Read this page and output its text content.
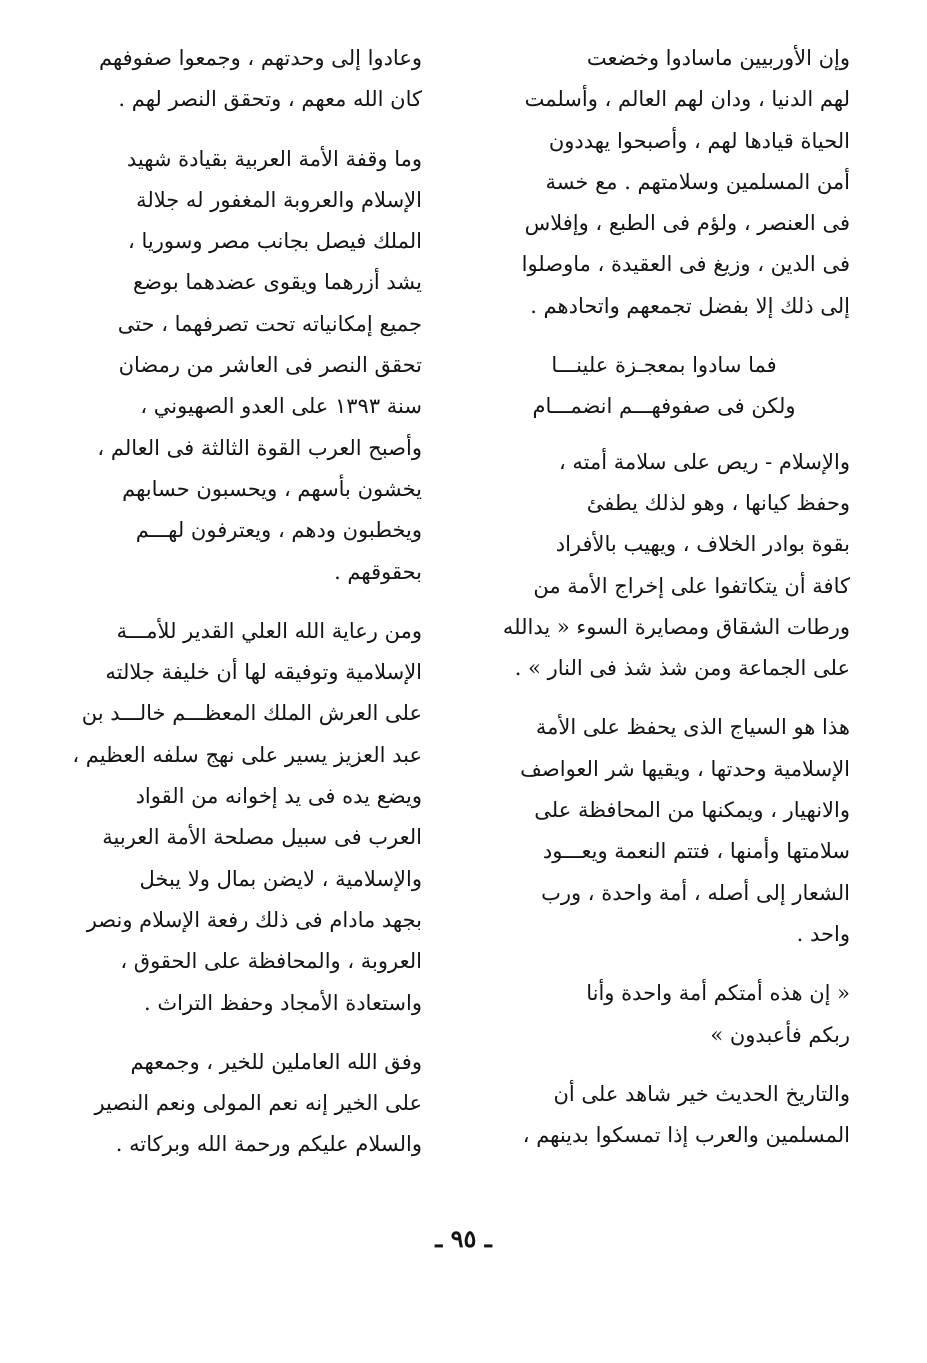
وإن الأوربيين ماسادوا وخضعت
لهم الدنيا ، ودان لهم العالم ، وأسلمت
الحياة قيادها لهم ، وأصبحوا يهددون
أمن المسلمين وسلامتهم . مع خسة
فى العنصر ، ولؤم فى الطبع ، وإفلاس
فى الدين ، وزيغ فى العقيدة ، ماوصلوا
إلى ذلك إلا بفضل تجمعهم واتحادهم .

فما سادوا بمعجـزة علينـــا
ولكن فى صفوفهـــم انضمـــام

والإسلام - ريص على سلامة أمته ،
وحفظ كيانها ، وهو لذلك يطفئ
بقوة بوادر الخلاف ، ويهيب بالأفراد
كافة أن يتكاتفوا على إخراج الأمة من
ورطات الشقاق ومصايرة السوء « يدالله
على الجماعة ومن شذ شذ فى النار » .

هذا هو السياج الذى يحفظ على الأمة
الإسلامية وحدتها ، ويقيها شر العواصف
والانهيار ، ويمكنها من المحافظة على
سلامتها وأمنها ، فتتم النعمة ويعـــود
الشعار إلى أصله ، أمة واحدة ، ورب
واحد .

« إن هذه أمتكم أمة واحدة وأنا
ربكم فأعبدون »

والتاريخ الحديث خير شاهد على أن
المسلمين والعرب إذا تمسكوا بدينهم ،

وعادوا إلى وحدتهم ، وجمعوا صفوفهم
كان الله معهم ، وتحقق النصر لهم .

وما وقفة الأمة العربية بقيادة شهيد
الإسلام والعروبة المغفور له جلالة
الملك فيصل بجانب مصر وسوريا ،
يشد أزرهما ويقوى عضدهما بوضع
جميع إمكانياته تحت تصرفهما ، حتى
تحقق النصر فى العاشر من رمضان
سنة ١٣٩٣ على العدو الصهيوني ،
وأصبح العرب القوة الثالثة فى العالم ،
يخشون بأسهم ، ويحسبون حسابهم
ويخطبون ودهم ، ويعترفون لهـــم
بحقوقهم .

ومن رعاية الله العلي القدير للأمـــة
الإسلامية وتوفيقه لها أن خليفة جلالته
على العرش الملك المعظـــم خالـــد بن
عبد العزيز يسير على نهج سلفه العظيم ،
ويضع يده فى يد إخوانه من القواد
العرب فى سبيل مصلحة الأمة العربية
والإسلامية ، لايضن بمال ولا يبخل
بجهد مادام فى ذلك رفعة الإسلام ونصر
العروبة ، والمحافظة على الحقوق ،
واستعادة الأمجاد وحفظ التراث .

وفق الله العاملين للخير ، وجمعهم
على الخير إنه نعم المولى ونعم النصير
والسلام عليكم ورحمة الله وبركاته .

ـ ٩٥ ـ
